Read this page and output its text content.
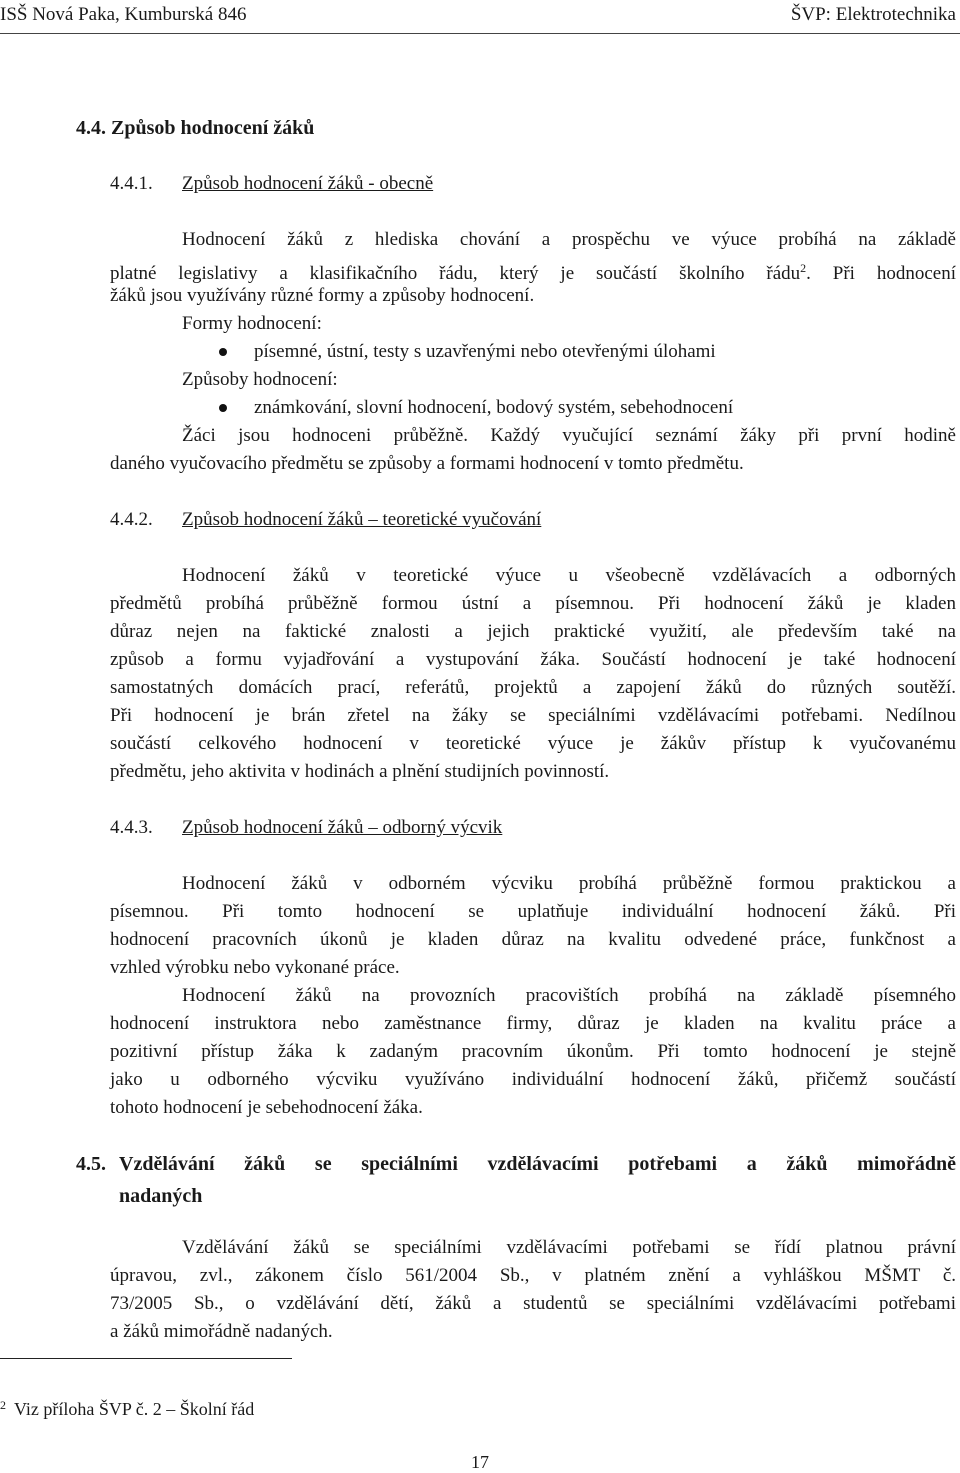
ISŠ Nová Paka, Kumburská 846	ŠVP: Elektrotechnika
4.4. Způsob hodnocení žáků
4.4.1. Způsob hodnocení žáků - obecně
Hodnocení žáků z hlediska chování a prospěchu ve výuce probíhá na základě
platné legislativy a klasifikačního řádu, který je součástí školního řádu$^2$. Při hodnocení
žáků jsou využívány různé formy a způsoby hodnocení.
Formy hodnocení:
písemné, ústní, testy s uzavřenými nebo otevřenými úlohami
Způsoby hodnocení:
známkování, slovní hodnocení, bodový systém, sebehodnocení
Žáci jsou hodnoceni průběžně. Každý vyučující seznámí žáky při první hodině
daného vyučovacího předmětu se způsoby a formami hodnocení v tomto předmětu.
4.4.2. Způsob hodnocení žáků – teoretické vyučování
Hodnocení žáků v teoretické výuce u všeobecně vzdělávacích a odborných
předmětů probíhá průběžně formou ústní a písemnou. Při hodnocení žáků je kladen
důraz nejen na faktické znalosti a jejich praktické využití, ale především také na
způsob a formu vyjadřování a vystupování žáka. Součástí hodnocení je také hodnocení
samostatných domácích prací, referátů, projektů a zapojení žáků do různých soutěží.
Při hodnocení je brán zřetel na žáky se speciálními vzdělávacími potřebami. Nedílnou
součástí celkového hodnocení v teoretické výuce je žákův přístup k vyučovanému
předmětu, jeho aktivita v hodinách a plnění studijních povinností.
4.4.3. Způsob hodnocení žáků – odborný výcvik
Hodnocení žáků v odborném výcviku probíhá průběžně formou praktickou a
písemnou. Při tomto hodnocení se uplatňuje individuální hodnocení žáků. Při
hodnocení pracovních úkonů je kladen důraz na kvalitu odvedené práce, funkčnost a
vzhled výrobku nebo vykonané práce.
Hodnocení žáků na provozních pracovištích probíhá na základě písemného
hodnocení instruktora nebo zaměstnance firmy, důraz je kladen na kvalitu práce a
pozitivní přístup žáka k zadaným pracovním úkonům. Při tomto hodnocení je stejně
jako u odborného výcviku využíváno individuální hodnocení žáků, přičemž součástí
tohoto hodnocení je sebehodnocení žáka.
4.5. Vzdělávání žáků se speciálními vzdělávacími potřebami a žáků mimořádně
nadaných
Vzdělávání žáků se speciálními vzdělávacími potřebami se řídí platnou právní
úpravou, zvl., zákonem číslo 561/2004 Sb., v platném znění a vyhláškou MŠMT č.
73/2005 Sb., o vzdělávání dětí, žáků a studentů se speciálními vzdělávacími potřebami
a žáků mimořádně nadaných.
$^2$ Viz příloha ŠVP č. 2 – Školní řád
17
